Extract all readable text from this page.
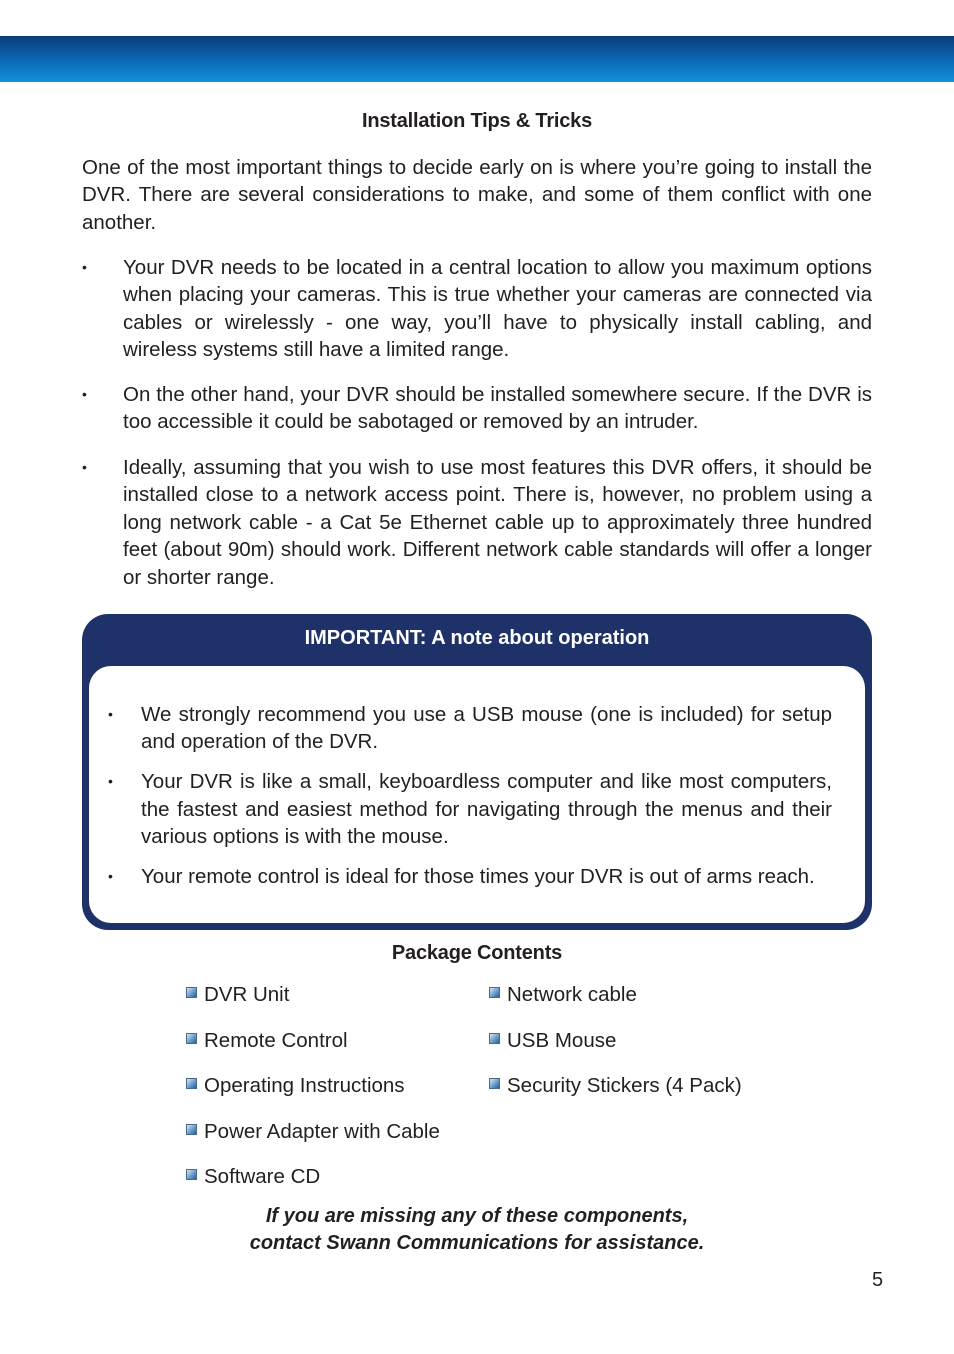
Installation Tips & Tricks
One of the most important things to decide early on is where you’re going to install the DVR. There are several considerations to make, and some of them conflict with one another.
•	Your DVR needs to be located in a central location to allow you maximum options when placing your cameras. This is true whether your cameras are connected via cables or wirelessly - one way, you’ll have to physically install cabling, and wireless systems still have a limited range.
•	On the other hand, your DVR should be installed somewhere secure. If the DVR is too accessible it could be sabotaged or removed by an intruder.
•	Ideally, assuming that you wish to use most features this DVR offers, it should be installed close to a network access point. There is, however, no problem using a long network cable - a Cat 5e Ethernet cable up to approximately three hundred feet (about 90m) should work. Different network cable standards will offer a longer or shorter range.
IMPORTANT: A note about operation
• We strongly recommend you use a USB mouse (one is included) for setup and operation of the DVR.
• Your DVR is like a small, keyboardless computer and like most computers, the fastest and easiest method for navigating through the menus and their various options is with the mouse.
• Your remote control is ideal for those times your DVR is out of arms reach.
Package Contents
DVR Unit
Remote Control
Operating Instructions
Power Adapter with Cable
Software CD
Network cable
USB Mouse
Security Stickers (4 Pack)
If you are missing any of these components,
contact Swann Communications for assistance.
5
